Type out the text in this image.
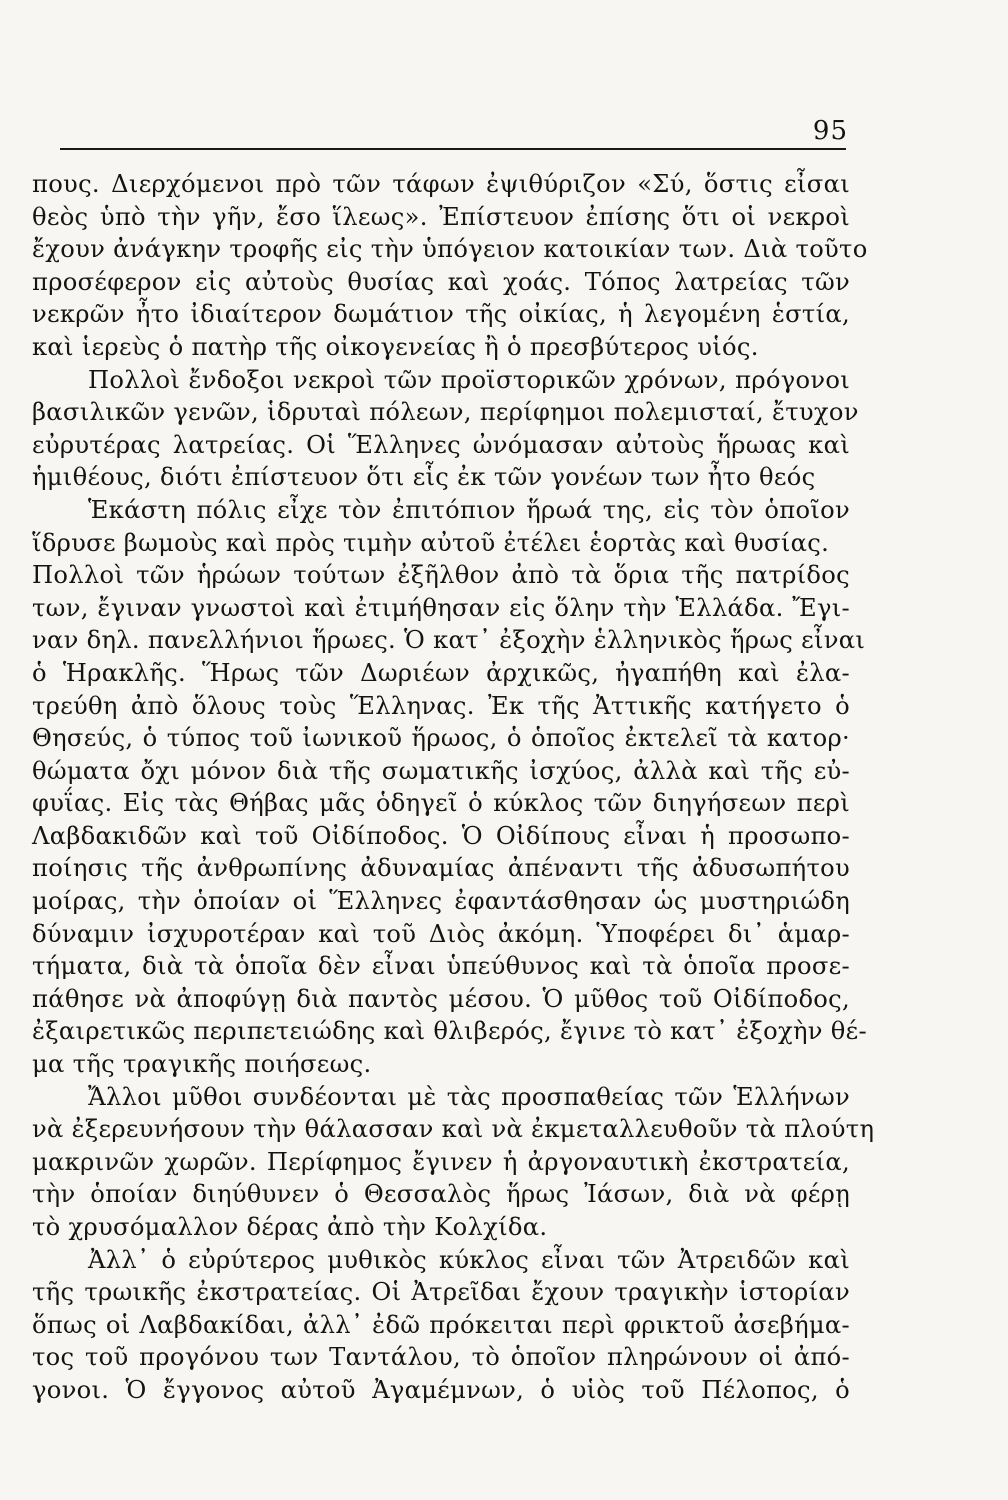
95
πους. Διερχόμενοι πρὸ τῶν τάφων ἐψιθύριζον «Σύ, ὅστις εἶσαι
θεὸς ὑπὸ τὴν γῆν, ἔσο ἵλεως». Ἐπίστευον ἐπίσης ὅτι οἱ νεκροὶ
ἔχουν ἀνάγκην τροφῆς εἰς τὴν ὑπόγειον κατοικίαν των. Διὰ τοῦτο
προσέφερον εἰς αὐτοὺς θυσίας καὶ χοάς. Τόπος λατρείας τῶν
νεκρῶν ἦτο ἰδιαίτερον δωμάτιον τῆς οἰκίας, ἡ λεγομένη ἑστία,
καὶ ἱερεὺς ὁ πατὴρ τῆς οἰκογενείας ἢ ὁ πρεσβύτερος υἱός.
Πολλοὶ ἔνδοξοι νεκροὶ τῶν προϊστορικῶν χρόνων, πρόγονοι
βασιλικῶν γενῶν, ἱδρυταὶ πόλεων, περίφημοι πολεμισταί, ἔτυχον
εὐρυτέρας λατρείας. Οἱ Ἕλληνες ὠνόμασαν αὐτοὺς ἥρωας καὶ
ἡμιθέους, διότι ἐπίστευον ὅτι εἷς ἐκ τῶν γονέων των ἦτο θεός
Ἑκάστη πόλις εἶχε τὸν ἐπιτόπιον ἥρωά της, εἰς τὸν ὁποῖον
ἵδρυσε βωμοὺς καὶ πρὸς τιμὴν αὐτοῦ ἐτέλει ἑορτὰς καὶ θυσίας.
Πολλοὶ τῶν ἡρώων τούτων ἐξῆλθον ἀπὸ τὰ ὅρια τῆς πατρίδος
των, ἔγιναν γνωστοὶ καὶ ἐτιμήθησαν εἰς ὅλην τὴν Ἑλλάδα. Ἔγι-
ναν δηλ. πανελλήνιοι ἥρωες. Ὁ κατ᾽ ἐξοχὴν ἑλληνικὸς ἥρως εἶναι
ὁ Ἡρακλῆς. Ἥρως τῶν Δωριέων ἀρχικῶς, ἠγαπήθη καὶ ἐλα-
τρεύθη ἀπὸ ὅλους τοὺς Ἕλληνας. Ἐκ τῆς Ἀττικῆς κατήγετο ὁ
Θησεύς, ὁ τύπος τοῦ ἰωνικοῦ ἥρωος, ὁ ὁποῖος ἐκτελεῖ τὰ κατορ·
θώματα ὄχι μόνον διὰ τῆς σωματικῆς ἰσχύος, ἀλλὰ καὶ τῆς εὐ-
φυΐας. Εἰς τὰς Θήβας μᾶς ὁδηγεῖ ὁ κύκλος τῶν διηγήσεων περὶ
Λαβδακιδῶν καὶ τοῦ Οἰδίποδος. Ὁ Οἰδίπους εἶναι ἡ προσωπο-
ποίησις τῆς ἀνθρωπίνης ἀδυναμίας ἀπέναντι τῆς ἀδυσωπήτου
μοίρας, τὴν ὁποίαν οἱ Ἕλληνες ἐφαντάσθησαν ὡς μυστηριώδη
δύναμιν ἰσχυροτέραν καὶ τοῦ Διὸς ἀκόμη. Ὑποφέρει δι᾽ ἁμαρ-
τήματα, διὰ τὰ ὁποῖα δὲν εἶναι ὑπεύθυνος καὶ τὰ ὁποῖα προσε-
πάθησε νὰ ἀποφύγῃ διὰ παντὸς μέσου. Ὁ μῦθος τοῦ Οἰδίποδος,
ἐξαιρετικῶς περιπετειώδης καὶ θλιβερός, ἔγινε τὸ κατ᾽ ἐξοχὴν θέ-
μα τῆς τραγικῆς ποιήσεως.
Ἄλλοι μῦθοι συνδέονται μὲ τὰς προσπαθείας τῶν Ἑλλήνων
νὰ ἐξερευνήσουν τὴν θάλασσαν καὶ νὰ ἐκμεταλλευθοῦν τὰ πλούτη
μακρινῶν χωρῶν. Περίφημος ἔγινεν ἡ ἀργοναυτικὴ ἐκστρατεία,
τὴν ὁποίαν διηύθυνεν ὁ Θεσσαλὸς ἥρως Ἰάσων, διὰ νὰ φέρῃ
τὸ χρυσόμαλλον δέρας ἀπὸ τὴν Κολχίδα.
Ἀλλ᾽ ὁ εὐρύτερος μυθικὸς κύκλος εἶναι τῶν Ἀτρειδῶν καὶ
τῆς τρωικῆς ἐκστρατείας. Οἱ Ἀτρεῖδαι ἔχουν τραγικὴν ἱστορίαν
ὅπως οἱ Λαβδακίδαι, ἀλλ᾽ ἐδῶ πρόκειται περὶ φρικτοῦ ἀσεβήμα-
τος τοῦ προγόνου των Ταντάλου, τὸ ὁποῖον πληρώνουν οἱ ἀπό-
γονοι. Ὁ ἔγγονος αὐτοῦ Ἀγαμέμνων, ὁ υἱὸς τοῦ Πέλοπος, ὁ
